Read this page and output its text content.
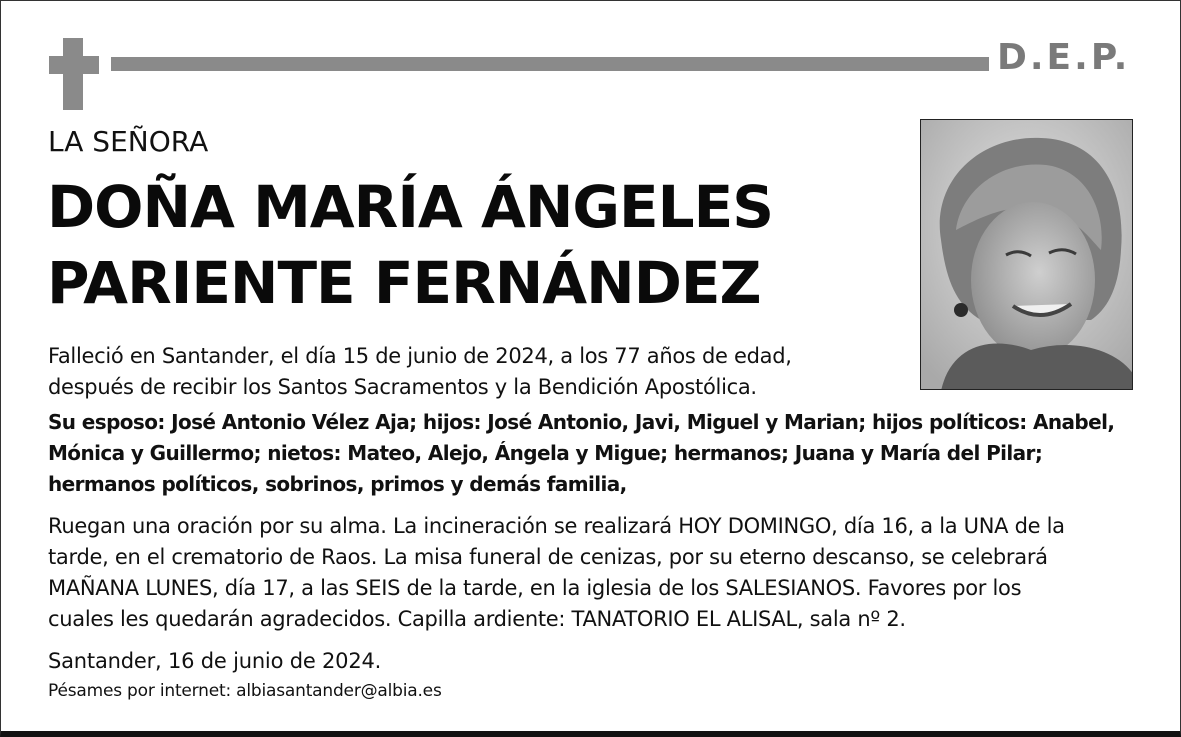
D.E.P.
LA SEÑORA
DOÑA MARÍA ÁNGELES
PARIENTE FERNÁNDEZ
Falleció en Santander, el día 15 de junio de 2024, a los 77 años de edad,
después de recibir los Santos Sacramentos y la Bendición Apostólica.
Su esposo: José Antonio Vélez Aja; hijos: José Antonio, Javi, Miguel y Marian; hijos políticos: Anabel,
Mónica y Guillermo; nietos: Mateo, Alejo, Ángela y Migue; hermanos; Juana y María del Pilar;
hermanos políticos, sobrinos, primos y demás familia,
Ruegan una oración por su alma. La incineración se realizará HOY DOMINGO, día 16, a la UNA de la
tarde, en el crematorio de Raos. La misa funeral de cenizas, por su eterno descanso, se celebrará
MAÑANA LUNES, día 17, a las SEIS de la tarde, en la iglesia de los SALESIANOS. Favores por los
cuales les quedarán agradecidos. Capilla ardiente: TANATORIO EL ALISAL, sala nº 2.
Santander, 16 de junio de 2024.
Pésames por internet: albiasantander@albia.es
